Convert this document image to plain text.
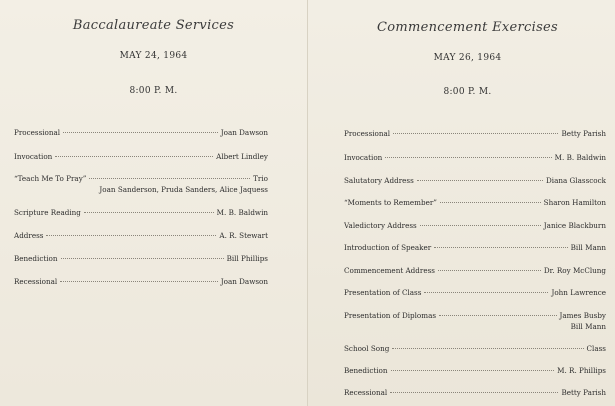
Baccalaureate Services
MAY 24, 1964
8:00 P. M.
Processional	Joan Dawson
Invocation	Albert Lindley
“Teach Me To Pray”	Trio
Joan Sanderson, Pruda Sanders, Alice Jaquess
Scripture Reading	M. B. Baldwin
Address	A. R. Stewart
Benediction	Bill Phillips
Recessional	Joan Dawson
Commencement Exercises
MAY 26, 1964
8:00 P. M.
Processional	Betty Parish
Invocation	M. B. Baldwin
Salutatory Address	Diana Glasscock
“Moments to Remember”	Sharon Hamilton
Valedictory Address	Janice Blackburn
Introduction of Speaker	Bill Mann
Commencement Address	Dr. Roy McClung
Presentation of Class	John Lawrence
Presentation of Diplomas	James Busby
Bill Mann
School Song	Class
Benediction	M. R. Phillips
Recessional	Betty Parish
